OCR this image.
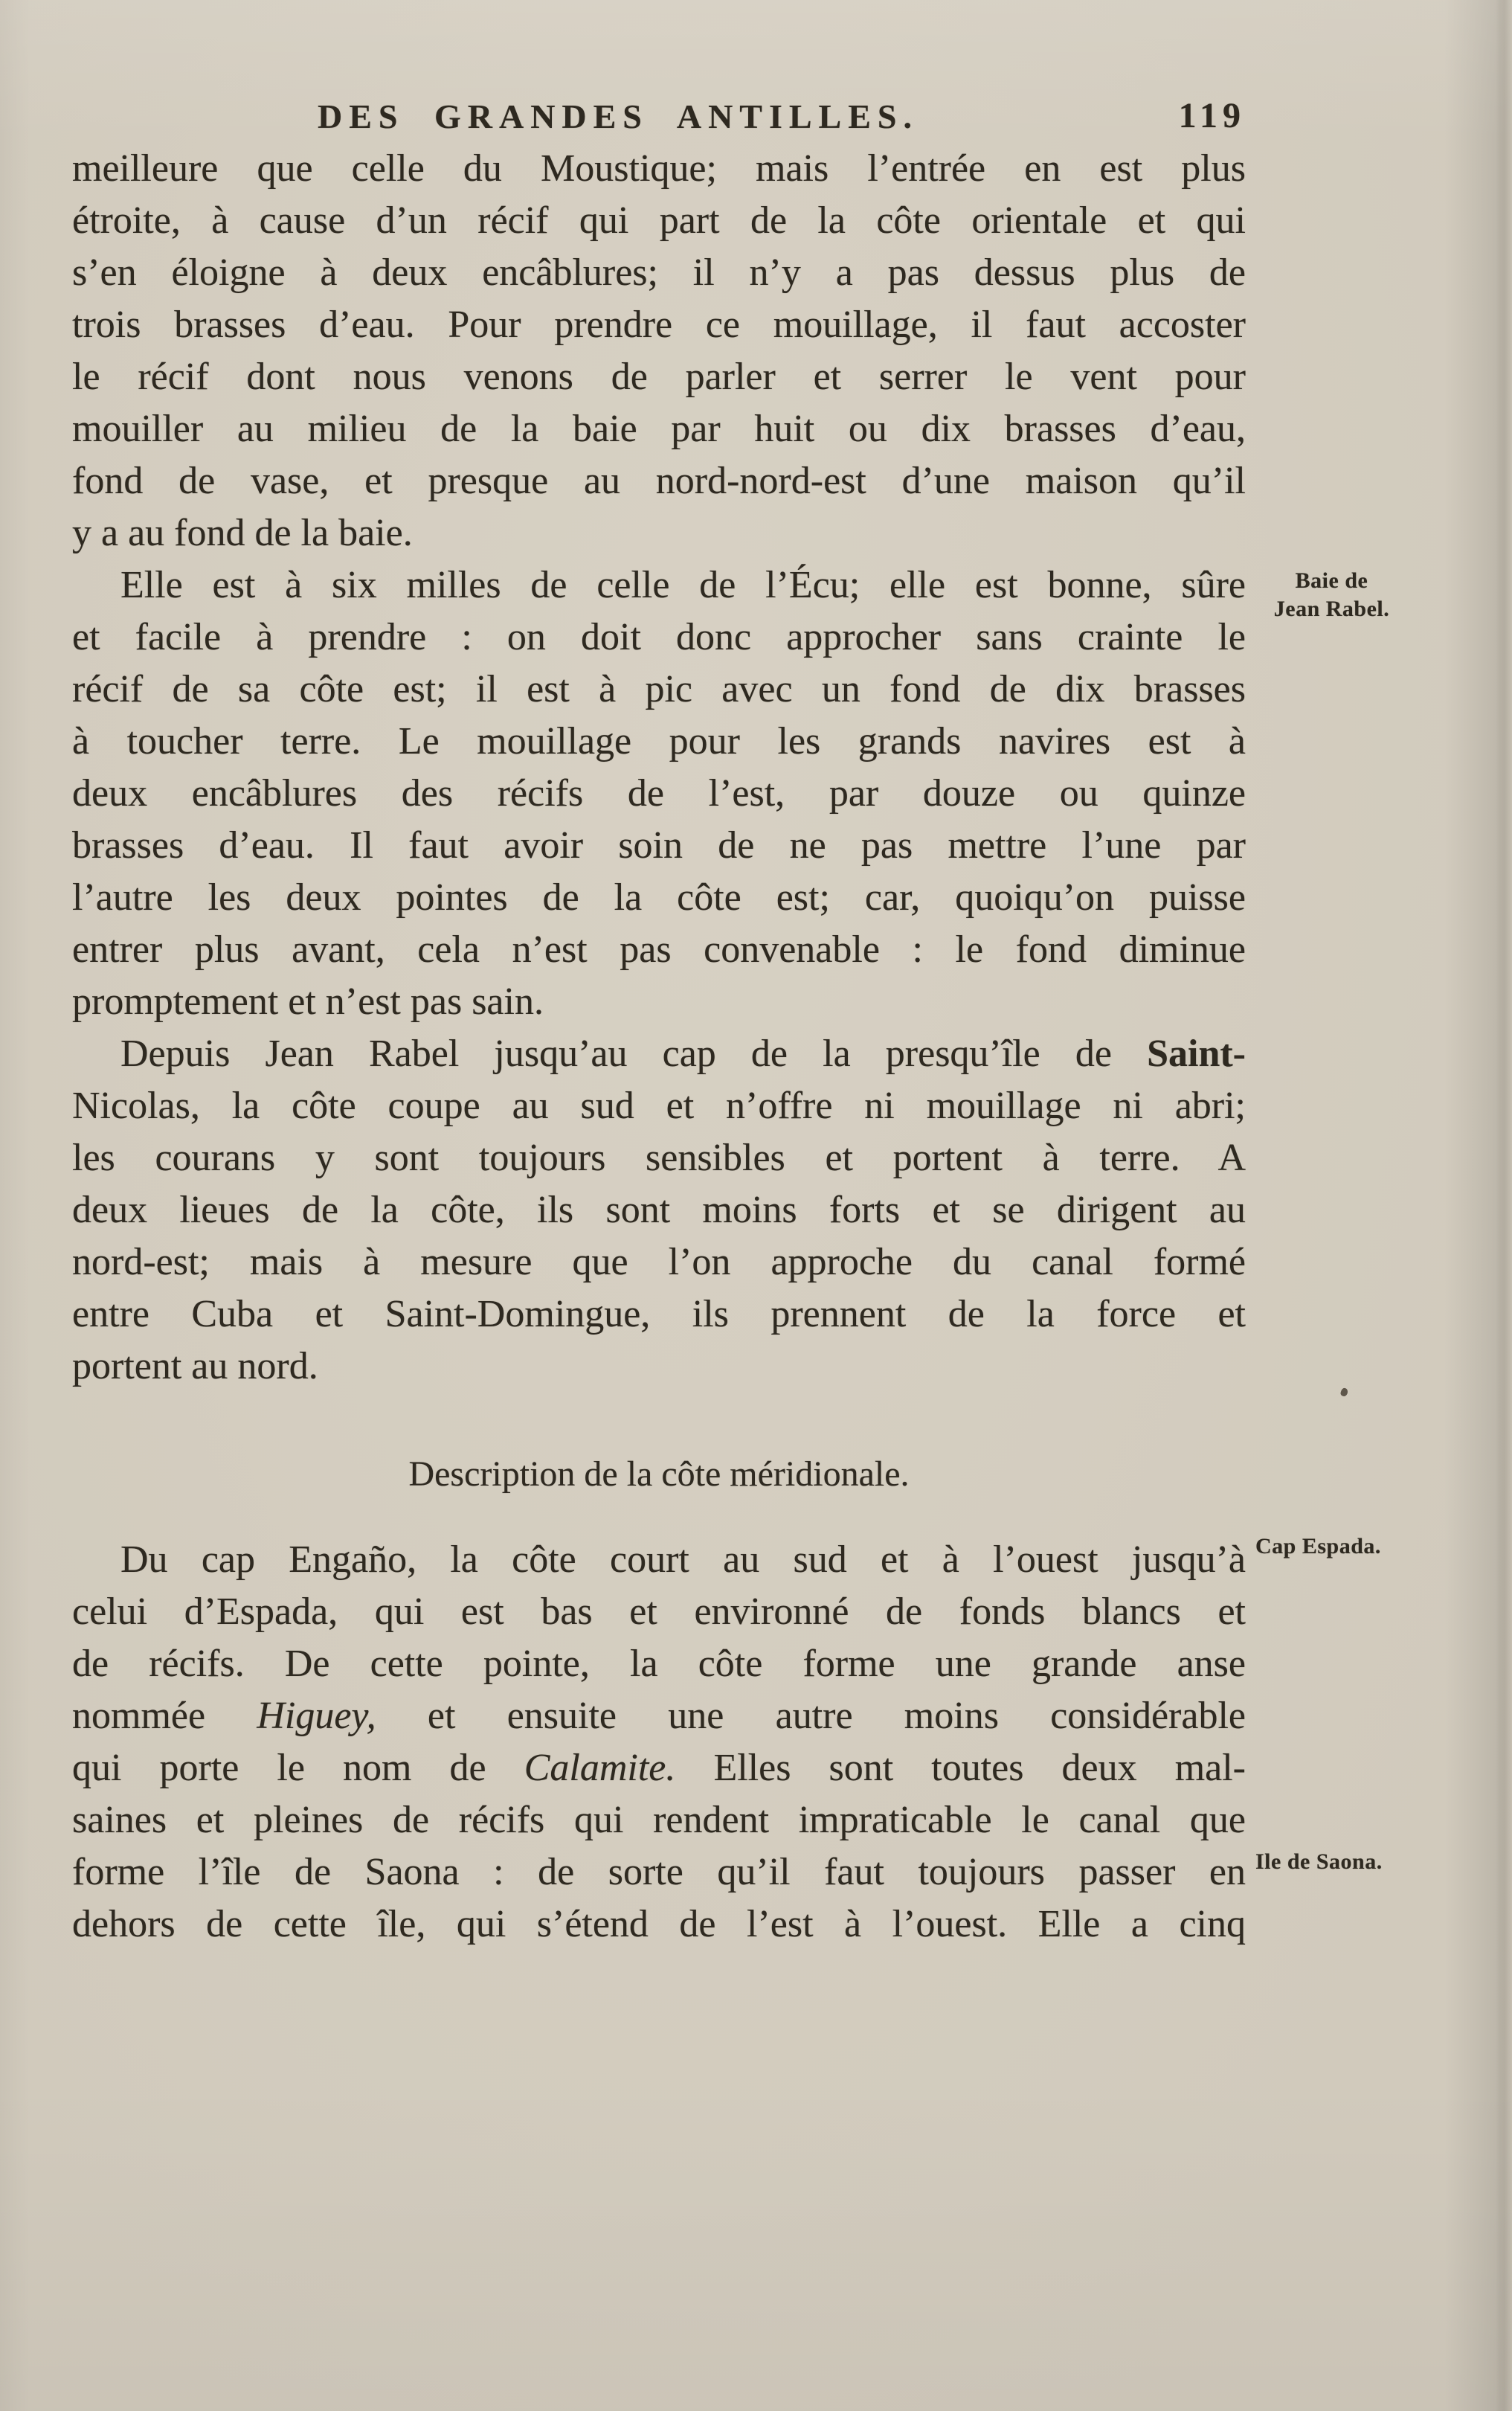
DES GRANDES ANTILLES.	119
meilleure que celle du Moustique; mais l’entrée en est plus
étroite, à cause d’un récif qui part de la côte orientale et qui
s’en éloigne à deux encâblures; il n’y a pas dessus plus de
trois brasses d’eau. Pour prendre ce mouillage, il faut accoster
le récif dont nous venons de parler et serrer le vent pour
mouiller au milieu de la baie par huit ou dix brasses d’eau,
fond de vase, et presque au nord-nord-est d’une maison qu’il
y a au fond de la baie.
Elle est à six milles de celle de l’Écu; elle est bonne, sûre
et facile à prendre : on doit donc approcher sans crainte le
récif de sa côte est; il est à pic avec un fond de dix brasses
à toucher terre. Le mouillage pour les grands navires est à
deux encâblures des récifs de l’est, par douze ou quinze
brasses d’eau. Il faut avoir soin de ne pas mettre l’une par
l’autre les deux pointes de la côte est; car, quoiqu’on puisse
entrer plus avant, cela n’est pas convenable : le fond diminue
promptement et n’est pas sain.
Depuis Jean Rabel jusqu’au cap de la presqu’île de Saint-
Nicolas, la côte coupe au sud et n’offre ni mouillage ni abri;
les courans y sont toujours sensibles et portent à terre. A
deux lieues de la côte, ils sont moins forts et se dirigent au
nord-est; mais à mesure que l’on approche du canal formé
entre Cuba et Saint-Domingue, ils prennent de la force et
portent au nord.
Description de la côte méridionale.
Du cap Engaño, la côte court au sud et à l’ouest jusqu’à
celui d’Espada, qui est bas et environné de fonds blancs et
de récifs. De cette pointe, la côte forme une grande anse
nommée Higuey, et ensuite une autre moins considérable
qui porte le nom de Calamite. Elles sont toutes deux mal-
saines et pleines de récifs qui rendent impraticable le canal que
forme l’île de Saona : de sorte qu’il faut toujours passer en
dehors de cette île, qui s’étend de l’est à l’ouest. Elle a cinq
Baie de
Jean Rabel.
Cap Espada.
Ile de Saona.
